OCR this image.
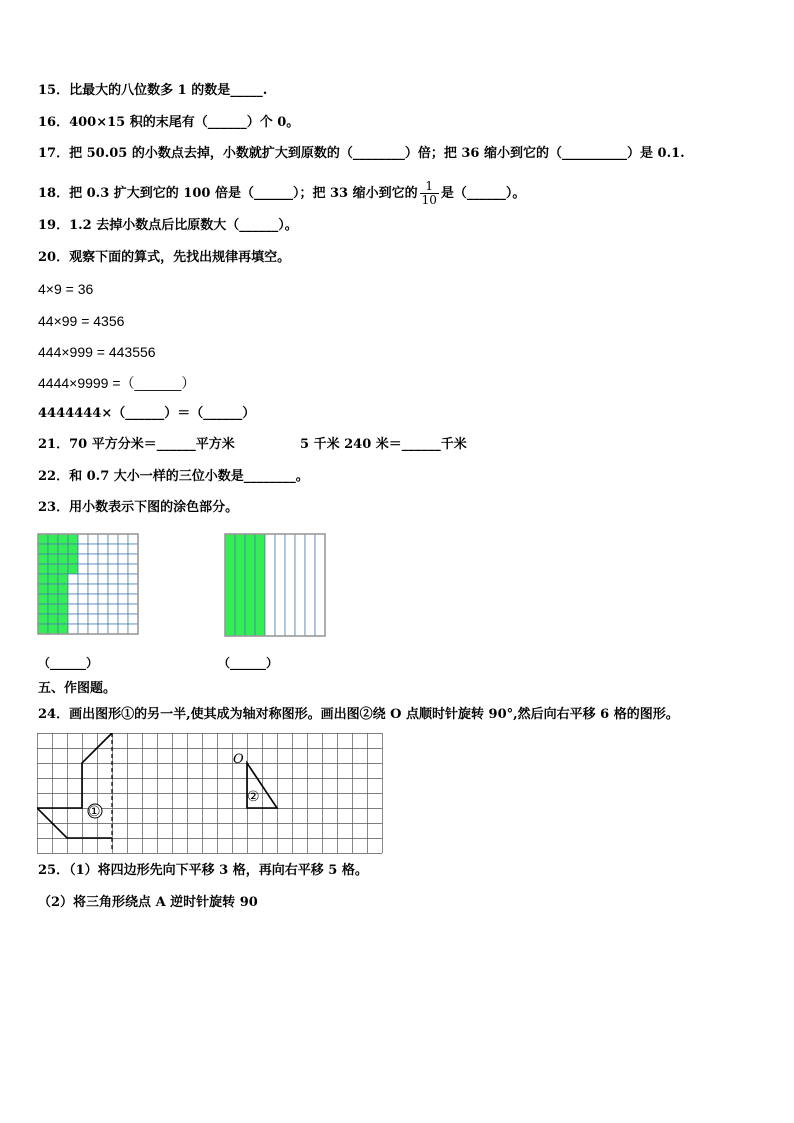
15．比最大的八位数多 1 的数是_____.
16．400×15 积的末尾有（______）个 0。
17．把 50.05 的小数点去掉，小数就扩大到原数的（________）倍；把 36 缩小到它的（__________）是 0.1.
18．把 0.3 扩大到它的 100 倍是（______）；把 33 缩小到它的 $\frac{1}{10}$ 是（______）。
19．1.2 去掉小数点后比原数大（______）。
20．观察下面的算式，先找出规律再填空。
4×9 = 36
44×99 = 4356
444×999 = 443556
4444×9999 =（______）
4444444×（______）＝（______）
21．70 平方分米＝______平方米	5 千米 240 米＝______千米
22．和 0.7 大小一样的三位小数是________。
23．用小数表示下图的涂色部分。
（______）	（______）
五、作图题。
24．画出图形①的另一半,使其成为轴对称图形。画出图②绕 O 点顺时针旋转 90°,然后向右平移 6 格的图形。
①
②
O
25．（1）将四边形先向下平移 3 格，再向右平移 5 格。
（2）将三角形绕点 A 逆时针旋转 90
